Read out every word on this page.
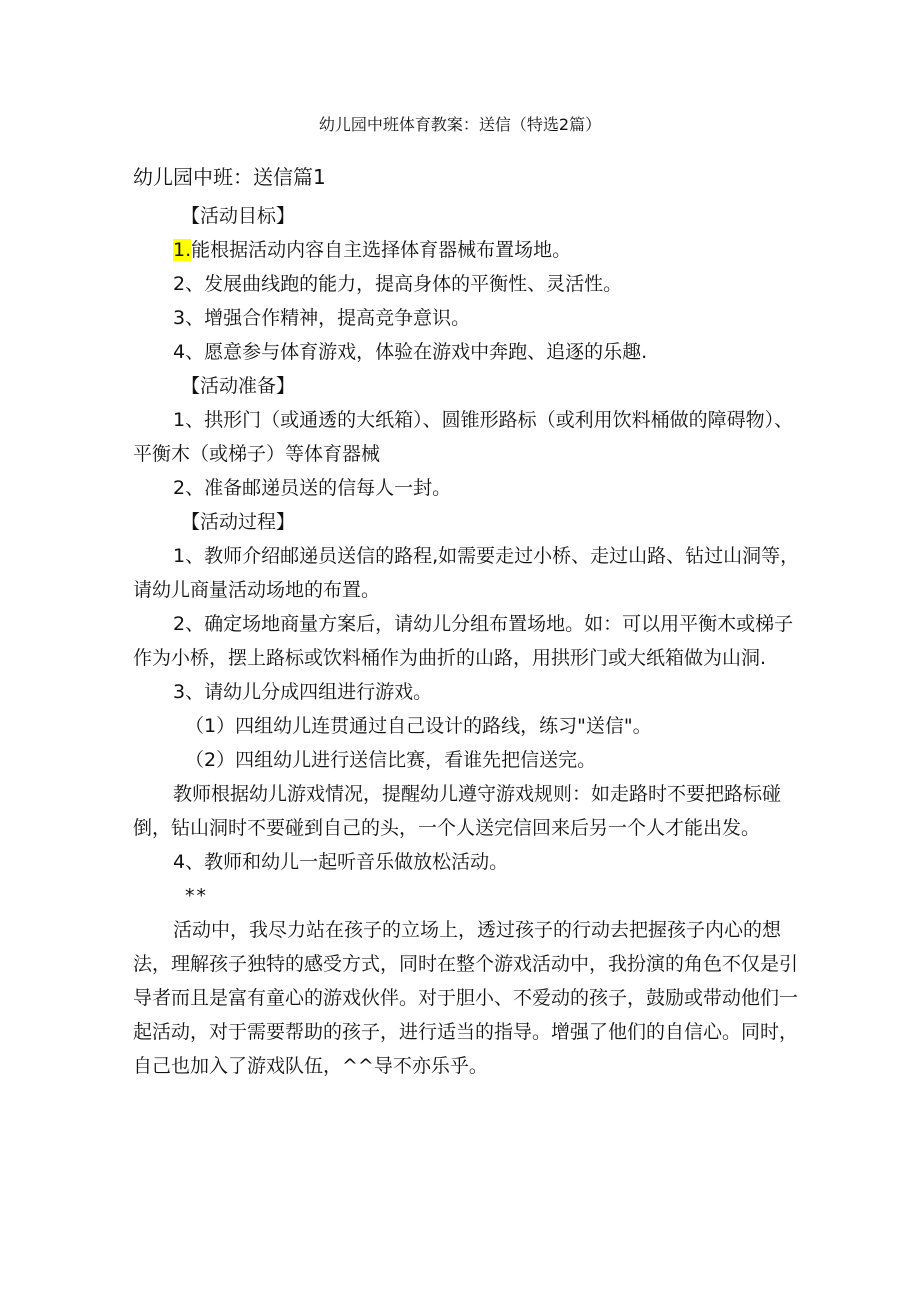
幼儿园中班体育教案：送信（特选2篇）
幼儿园中班：送信篇1

【活动目标】

1.能根据活动内容自主选择体育器械布置场地。

2、发展曲线跑的能力，提高身体的平衡性、灵活性。

3、增强合作精神，提高竞争意识。

4、愿意参与体育游戏，体验在游戏中奔跑、追逐的乐趣.

【活动准备】

1、拱形门（或通透的大纸箱）、圆锥形路标（或利用饮料桶做的障碍物）、平衡木（或梯子）等体育器械

2、准备邮递员送的信每人一封。

【活动过程】

1、教师介绍邮递员送信的路程,如需要走过小桥、走过山路、钻过山洞等，请幼儿商量活动场地的布置。

2、确定场地商量方案后，请幼儿分组布置场地。如：可以用平衡木或梯子作为小桥，摆上路标或饮料桶作为曲折的山路，用拱形门或大纸箱做为山洞.

3、请幼儿分成四组进行游戏。

（1）四组幼儿连贯通过自己设计的路线，练习"送信"。

（2）四组幼儿进行送信比赛，看谁先把信送完。

教师根据幼儿游戏情况，提醒幼儿遵守游戏规则：如走路时不要把路标碰倒，钻山洞时不要碰到自己的头，一个人送完信回来后另一个人才能出发。

4、教师和幼儿一起听音乐做放松活动。

**

活动中，我尽力站在孩子的立场上，透过孩子的行动去把握孩子内心的想法，理解孩子独特的感受方式，同时在整个游戏活动中，我扮演的角色不仅是引导者而且是富有童心的游戏伙伴。对于胆小、不爱动的孩子，鼓励或带动他们一起活动，对于需要帮助的孩子，进行适当的指导。增强了他们的自信心。同时，自己也加入了游戏队伍，^^导不亦乐乎。
